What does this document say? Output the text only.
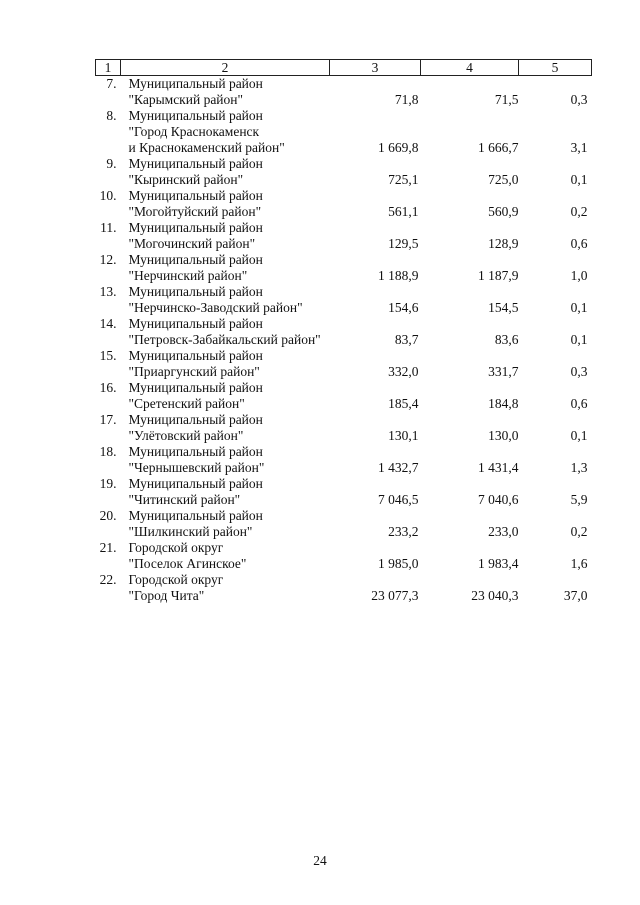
1	2	3	4	5
7.	Муниципальный район
"Карымский район"	71,8	71,5	0,3
8.	Муниципальный район
"Город Краснокаменск
и Краснокаменский район"	1 669,8	1 666,7	3,1
9.	Муниципальный район
"Кыринский район"	725,1	725,0	0,1
10.	Муниципальный район
"Могойтуйский район"	561,1	560,9	0,2
11.	Муниципальный район
"Могочинский район"	129,5	128,9	0,6
12.	Муниципальный район
"Нерчинский район"	1 188,9	1 187,9	1,0
13.	Муниципальный район
"Нерчинско-Заводский район"	154,6	154,5	0,1
14.	Муниципальный район
"Петровск-Забайкальский район"	83,7	83,6	0,1
15.	Муниципальный район
"Приаргунский район"	332,0	331,7	0,3
16.	Муниципальный район
"Сретенский район"	185,4	184,8	0,6
17.	Муниципальный район
"Улётовский район"	130,1	130,0	0,1
18.	Муниципальный район
"Чернышевский район"	1 432,7	1 431,4	1,3
19.	Муниципальный район
"Читинский район"	7 046,5	7 040,6	5,9
20.	Муниципальный район
"Шилкинский район"	233,2	233,0	0,2
21.	Городской округ
"Поселок Агинское"	1 985,0	1 983,4	1,6
22.	Городской округ
"Город Чита"	23 077,3	23 040,3	37,0
24
